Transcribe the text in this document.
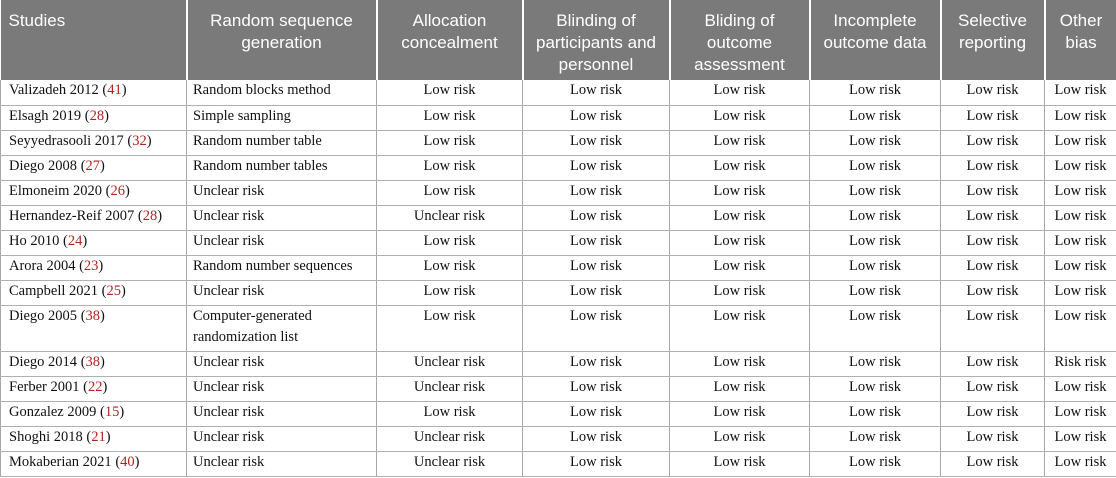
Studies	Random sequence generation	Allocation concealment	Blinding of participants and personnel	Bliding of outcome assessment	Incomplete outcome data	Selective reporting	Other bias
Valizadeh 2012 (41)	Random blocks method	Low risk	Low risk	Low risk	Low risk	Low risk	Low risk
Elsagh 2019 (28)	Simple sampling	Low risk	Low risk	Low risk	Low risk	Low risk	Low risk
Seyyedrasooli 2017 (32)	Random number table	Low risk	Low risk	Low risk	Low risk	Low risk	Low risk
Diego 2008 (27)	Random number tables	Low risk	Low risk	Low risk	Low risk	Low risk	Low risk
Elmoneim 2020 (26)	Unclear risk	Low risk	Low risk	Low risk	Low risk	Low risk	Low risk
Hernandez-Reif 2007 (28)	Unclear risk	Unclear risk	Low risk	Low risk	Low risk	Low risk	Low risk
Ho 2010 (24)	Unclear risk	Low risk	Low risk	Low risk	Low risk	Low risk	Low risk
Arora 2004 (23)	Random number sequences	Low risk	Low risk	Low risk	Low risk	Low risk	Low risk
Campbell 2021 (25)	Unclear risk	Low risk	Low risk	Low risk	Low risk	Low risk	Low risk
Diego 2005 (38)	Computer-generated randomization list	Low risk	Low risk	Low risk	Low risk	Low risk	Low risk
Diego 2014 (38)	Unclear risk	Unclear risk	Low risk	Low risk	Low risk	Low risk	Risk risk
Ferber 2001 (22)	Unclear risk	Unclear risk	Low risk	Low risk	Low risk	Low risk	Low risk
Gonzalez 2009 (15)	Unclear risk	Low risk	Low risk	Low risk	Low risk	Low risk	Low risk
Shoghi 2018 (21)	Unclear risk	Unclear risk	Low risk	Low risk	Low risk	Low risk	Low risk
Mokaberian 2021 (40)	Unclear risk	Unclear risk	Low risk	Low risk	Low risk	Low risk	Low risk
